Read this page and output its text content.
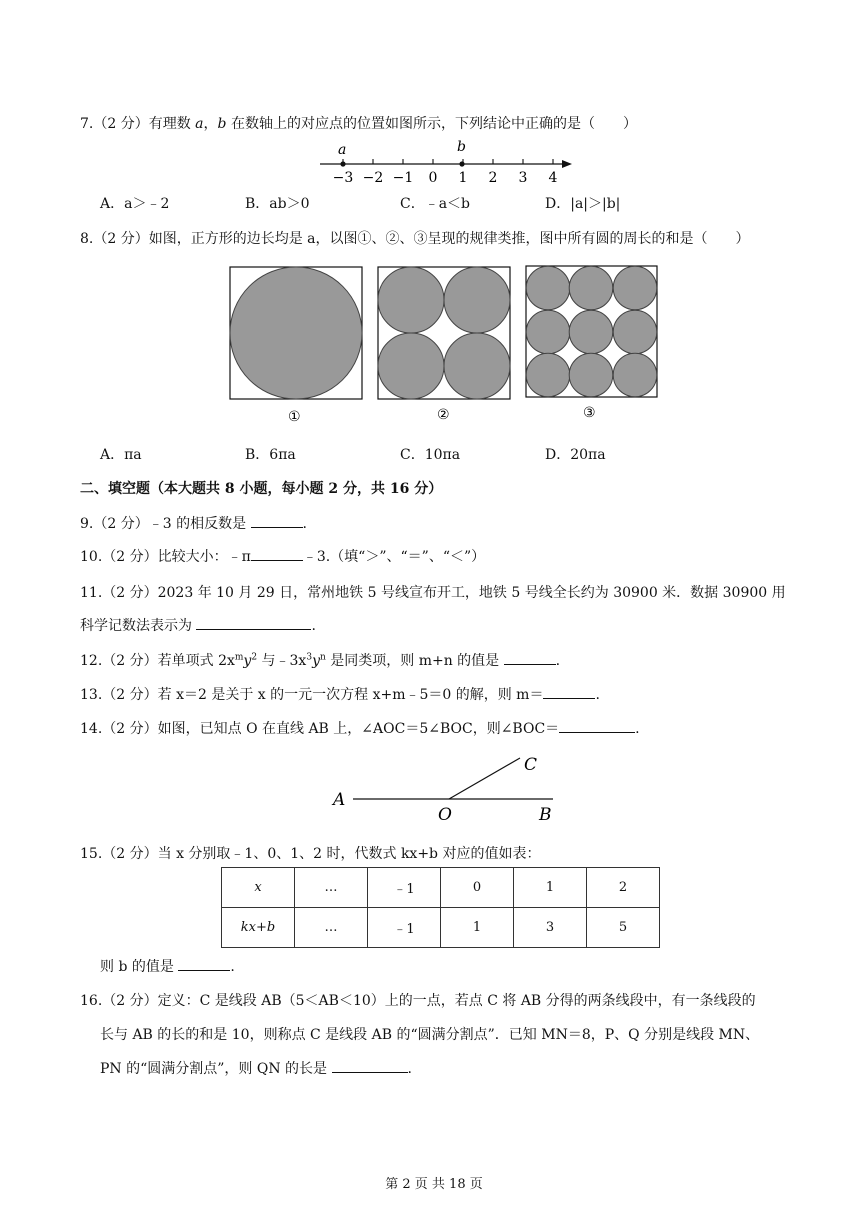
7.（2 分）有理数 a，b 在数轴上的对应点的位置如图所示，下列结论中正确的是（　　）
−3 −2 −1 0 1 2 3 4
a	b
A．a＞﹣2	B．ab＞0	C．﹣a＜b	D．|a|＞|b|
8.（2 分）如图，正方形的边长均是 a，以图①、②、③呈现的规律类推，图中所有圆的周长的和是（　　）
①	②	③
A．πa	B．6πa	C．10πa	D．20πa
二、填空题（本大题共 8 小题，每小题 2 分，共 16 分）
9.（2 分）﹣3 的相反数是	.
10.（2 分）比较大小：﹣π	﹣3.（填“＞”、“＝”、“＜”）
11.（2 分）2023 年 10 月 29 日，常州地铁 5 号线宣布开工，地铁 5 号线全长约为 30900 米．数据 30900 用
科学记数法表示为	.
12.（2 分）若单项式 $2x^my^2$ 与$﹣3x^3y^n$ 是同类项，则 m+n 的值是	.
13.（2 分）若 x＝2 是关于 x 的一元一次方程 x+m﹣5＝0 的解，则 m＝	.
14.（2 分）如图，已知点 O 在直线 AB 上，∠AOC＝5∠BOC，则∠BOC＝	.
A
O	B
C
15.（2 分）当 x 分别取﹣1、0、1、2 时，代数式 kx+b 对应的值如表：
x	…	﹣1	0	1	2
kx+b	…	﹣1	1	3	5
则 b 的值是	.
16.（2 分）定义：C 是线段 AB（5＜AB＜10）上的一点，若点 C 将 AB 分得的两条线段中，有一条线段的
长与 AB 的长的和是 10，则称点 C 是线段 AB 的“圆满分割点”．已知 MN＝8，P、Q 分别是线段 MN、
PN 的“圆满分割点”，则 QN 的长是	.
第 2 页 共 18 页
